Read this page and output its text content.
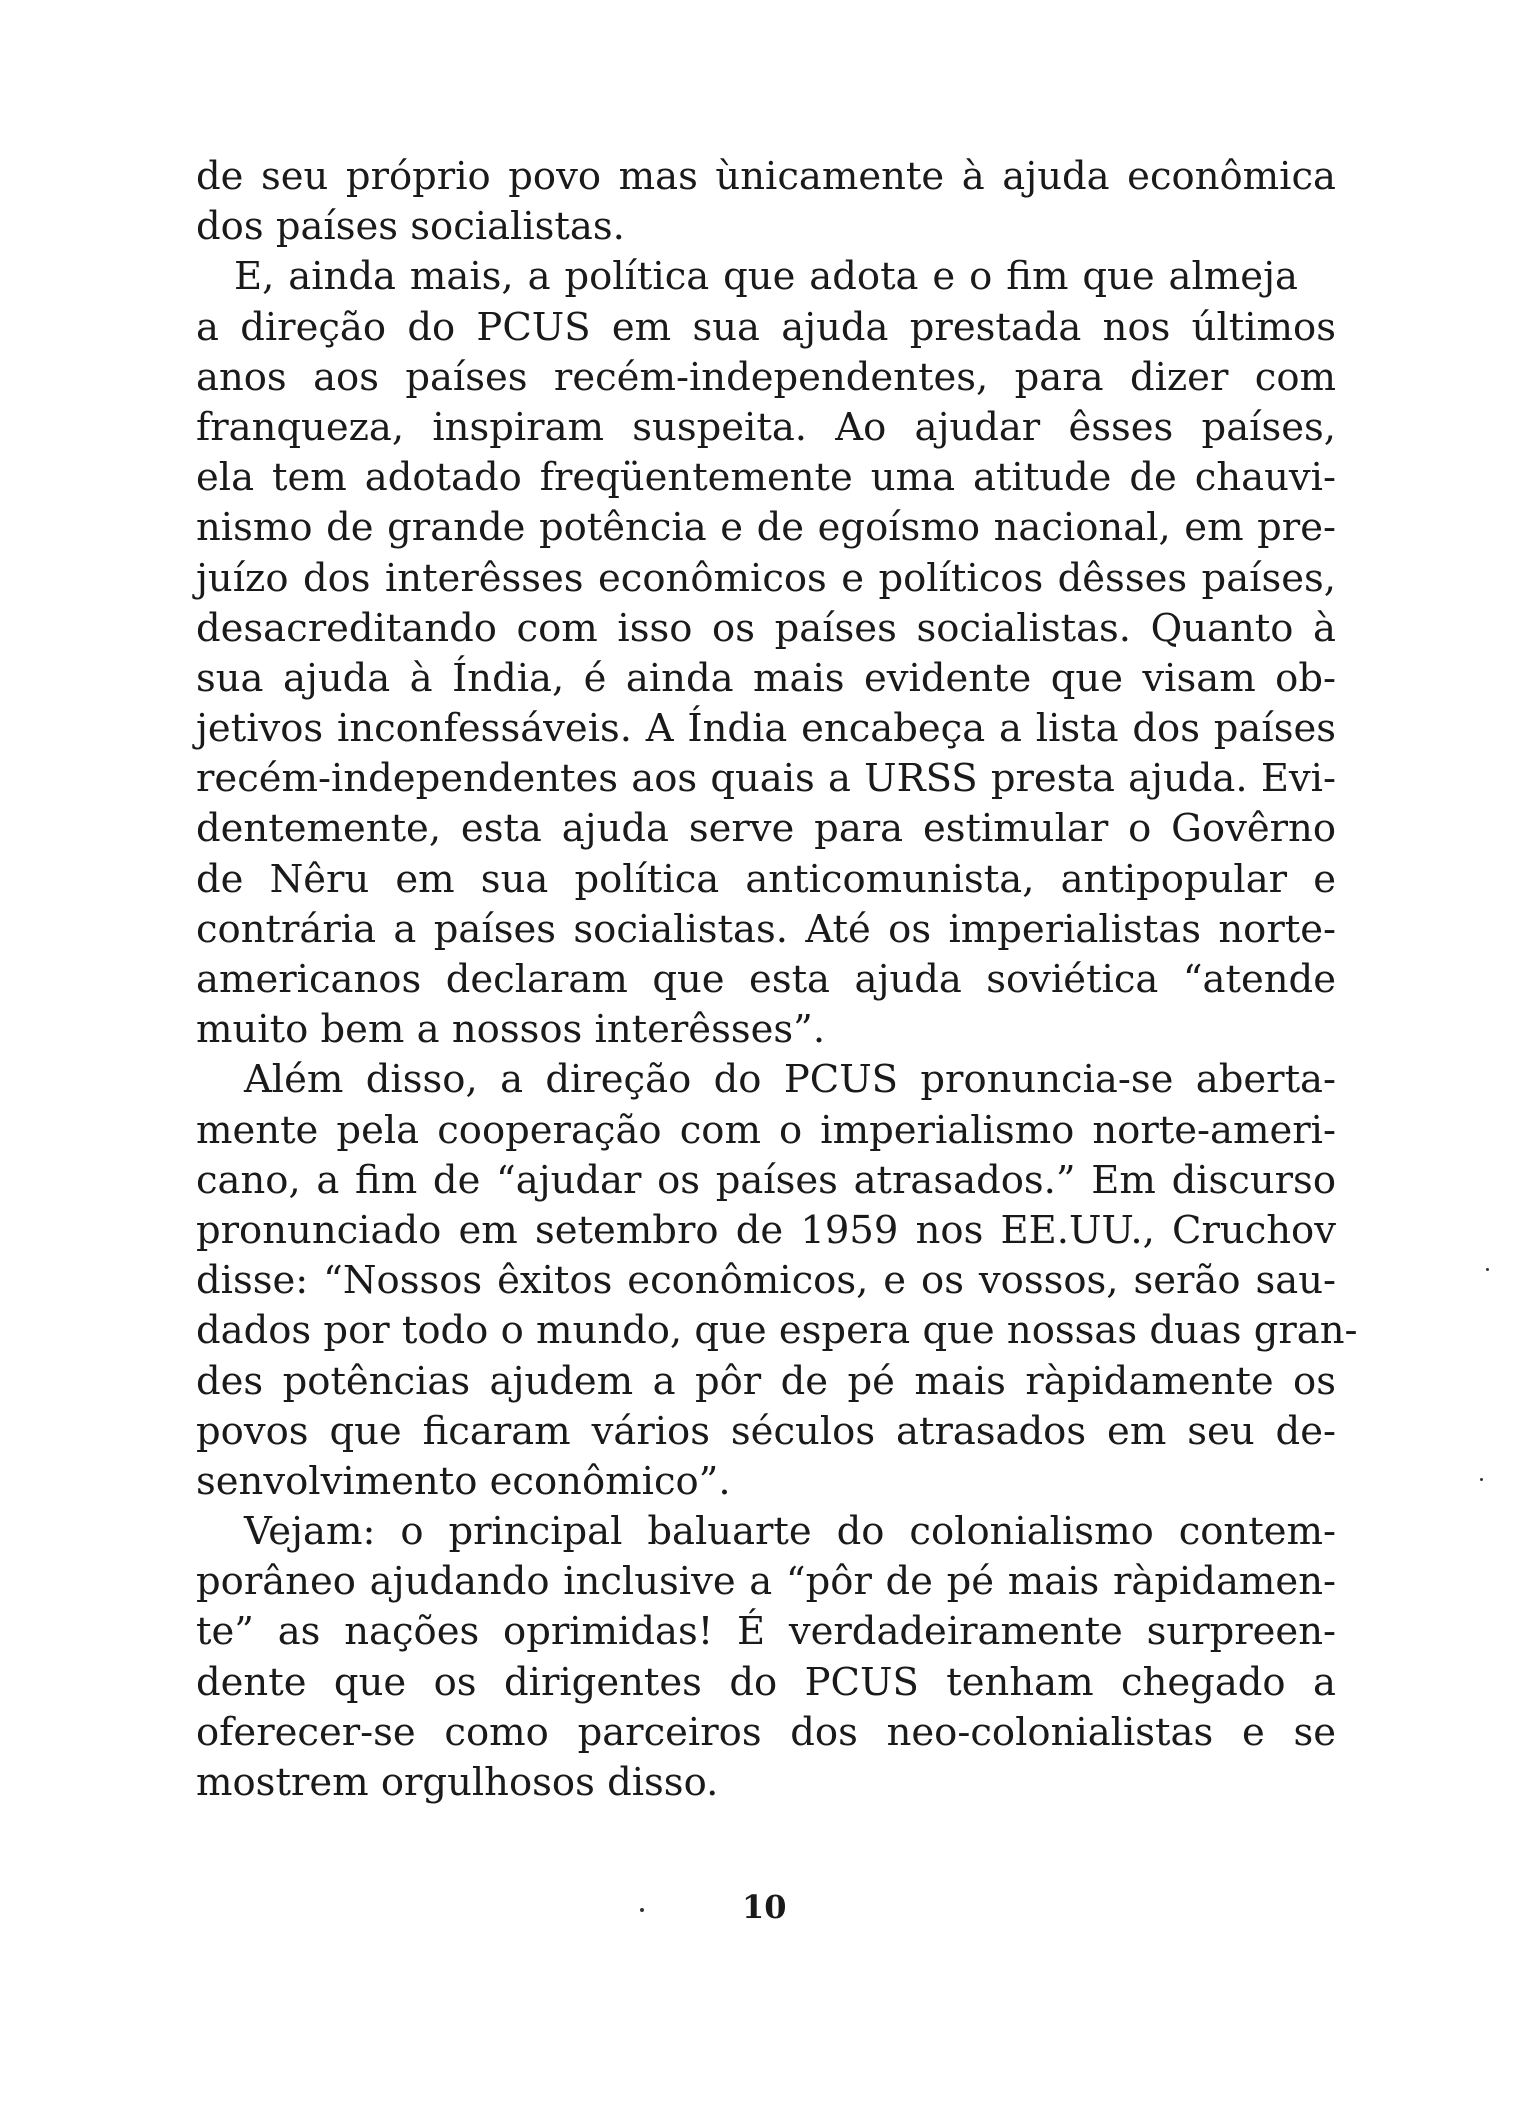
de seu próprio povo mas ùnicamente à ajuda econômica
dos países socialistas.
E, ainda mais, a política que adota e o fim que almeja
a direção do PCUS em sua ajuda prestada nos últimos
anos aos países recém-independentes, para dizer com
franqueza, inspiram suspeita. Ao ajudar êsses países,
ela tem adotado freqüentemente uma atitude de chauvi-
nismo de grande potência e de egoísmo nacional, em pre-
juízo dos interêsses econômicos e políticos dêsses países,
desacreditando com isso os países socialistas. Quanto à
sua ajuda à Índia, é ainda mais evidente que visam ob-
jetivos inconfessáveis. A Índia encabeça a lista dos países
recém-independentes aos quais a URSS presta ajuda. Evi-
dentemente, esta ajuda serve para estimular o Govêrno
de Nêru em sua política anticomunista, antipopular e
contrária a países socialistas. Até os imperialistas norte-
americanos declaram que esta ajuda soviética “atende
muito bem a nossos interêsses”.
Além disso, a direção do PCUS pronuncia-se aberta-
mente pela cooperação com o imperialismo norte-ameri-
cano, a fim de “ajudar os países atrasados.” Em discurso
pronunciado em setembro de 1959 nos EE.UU., Cruchov
disse: “Nossos êxitos econômicos, e os vossos, serão sau-
dados por todo o mundo, que espera que nossas duas gran-
des potências ajudem a pôr de pé mais ràpidamente os
povos que ficaram vários séculos atrasados em seu de-
senvolvimento econômico”.
Vejam: o principal baluarte do colonialismo contem-
porâneo ajudando inclusive a “pôr de pé mais ràpidamen-
te” as nações oprimidas! É verdadeiramente surpreen-
dente que os dirigentes do PCUS tenham chegado a
oferecer-se como parceiros dos neo-colonialistas e se
mostrem orgulhosos disso.
10
